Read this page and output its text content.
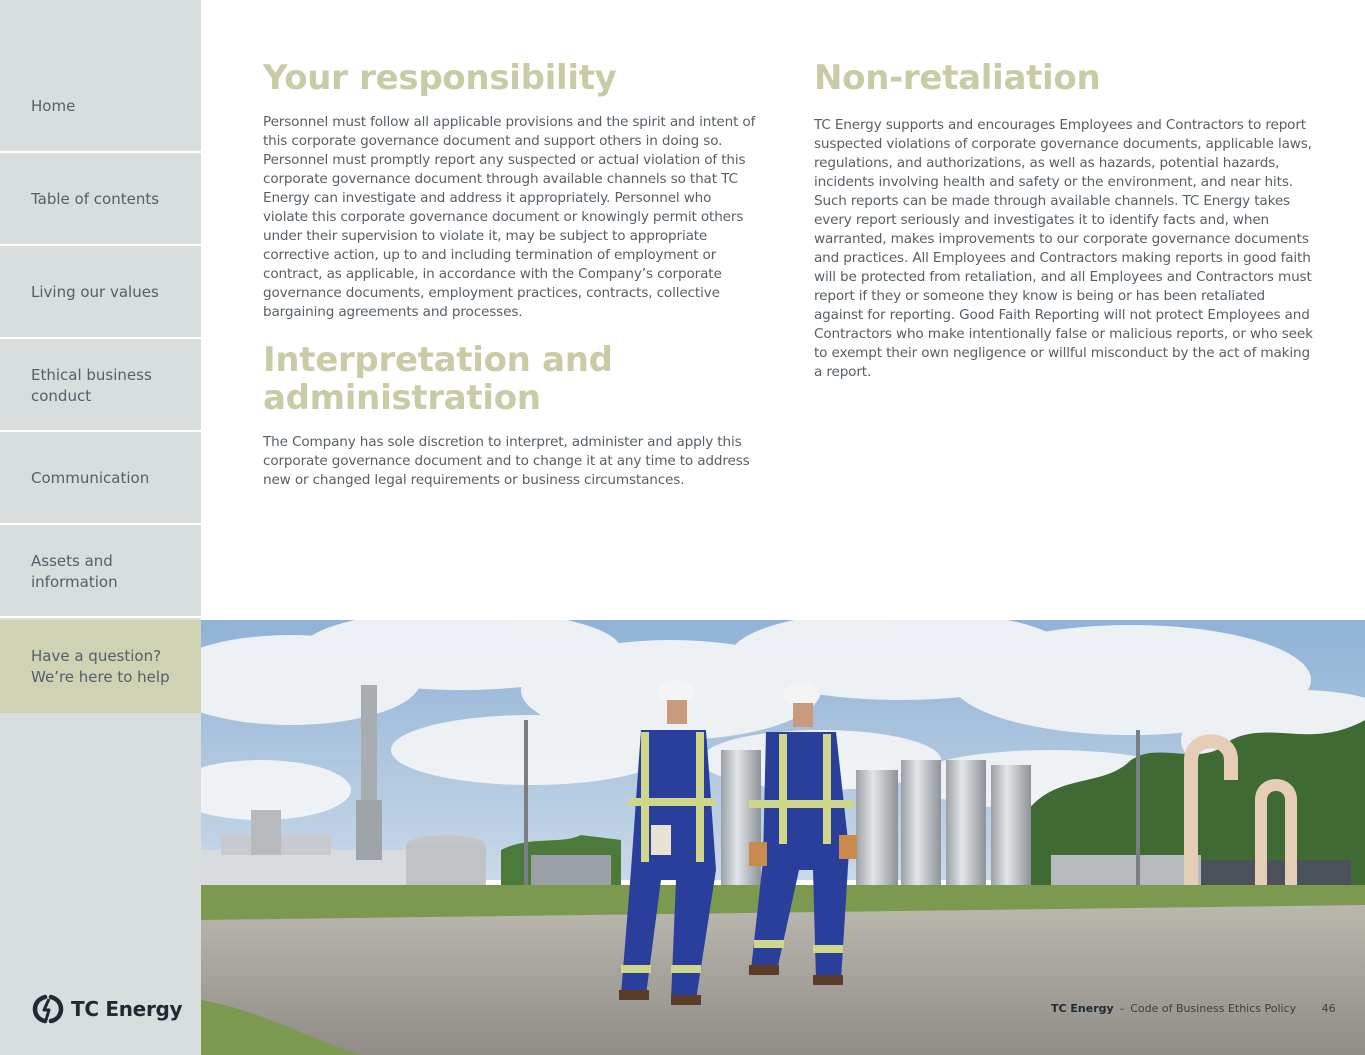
Home
Table of contents
Living our values
Ethical business conduct
Communication
Assets and information
Have a question? We’re here to help
TC Energy
Your responsibility

Personnel must follow all applicable provisions and the spirit and intent of this corporate governance document and support others in doing so. Personnel must promptly report any suspected or actual violation of this corporate governance document through available channels so that TC Energy can investigate and address it appropriately. Personnel who violate this corporate governance document or knowingly permit others under their supervision to violate it, may be subject to appropriate corrective action, up to and including termination of employment or contract, as applicable, in accordance with the Company’s corporate governance documents, employment practices, contracts, collective bargaining agreements and processes.

Interpretation and administration

The Company has sole discretion to interpret, administer and apply this corporate governance document and to change it at any time to address new or changed legal requirements or business circumstances.

Non-retaliation

TC Energy supports and encourages Employees and Contractors to report suspected violations of corporate governance documents, applicable laws, regulations, and authorizations, as well as hazards, potential hazards, incidents involving health and safety or the environment, and near hits. Such reports can be made through available channels. TC Energy takes every report seriously and investigates it to identify facts and, when warranted, makes improvements to our corporate governance documents and practices. All Employees and Contractors making reports in good faith will be protected from retaliation, and all Employees and Contractors must report if they or someone they know is being or has been retaliated against for reporting. Good Faith Reporting will not protect Employees and Contractors who make intentionally false or malicious reports, or who seek to exempt their own negligence or willful misconduct by the act of making a report.

TC Energy – Code of Business Ethics Policy 46
